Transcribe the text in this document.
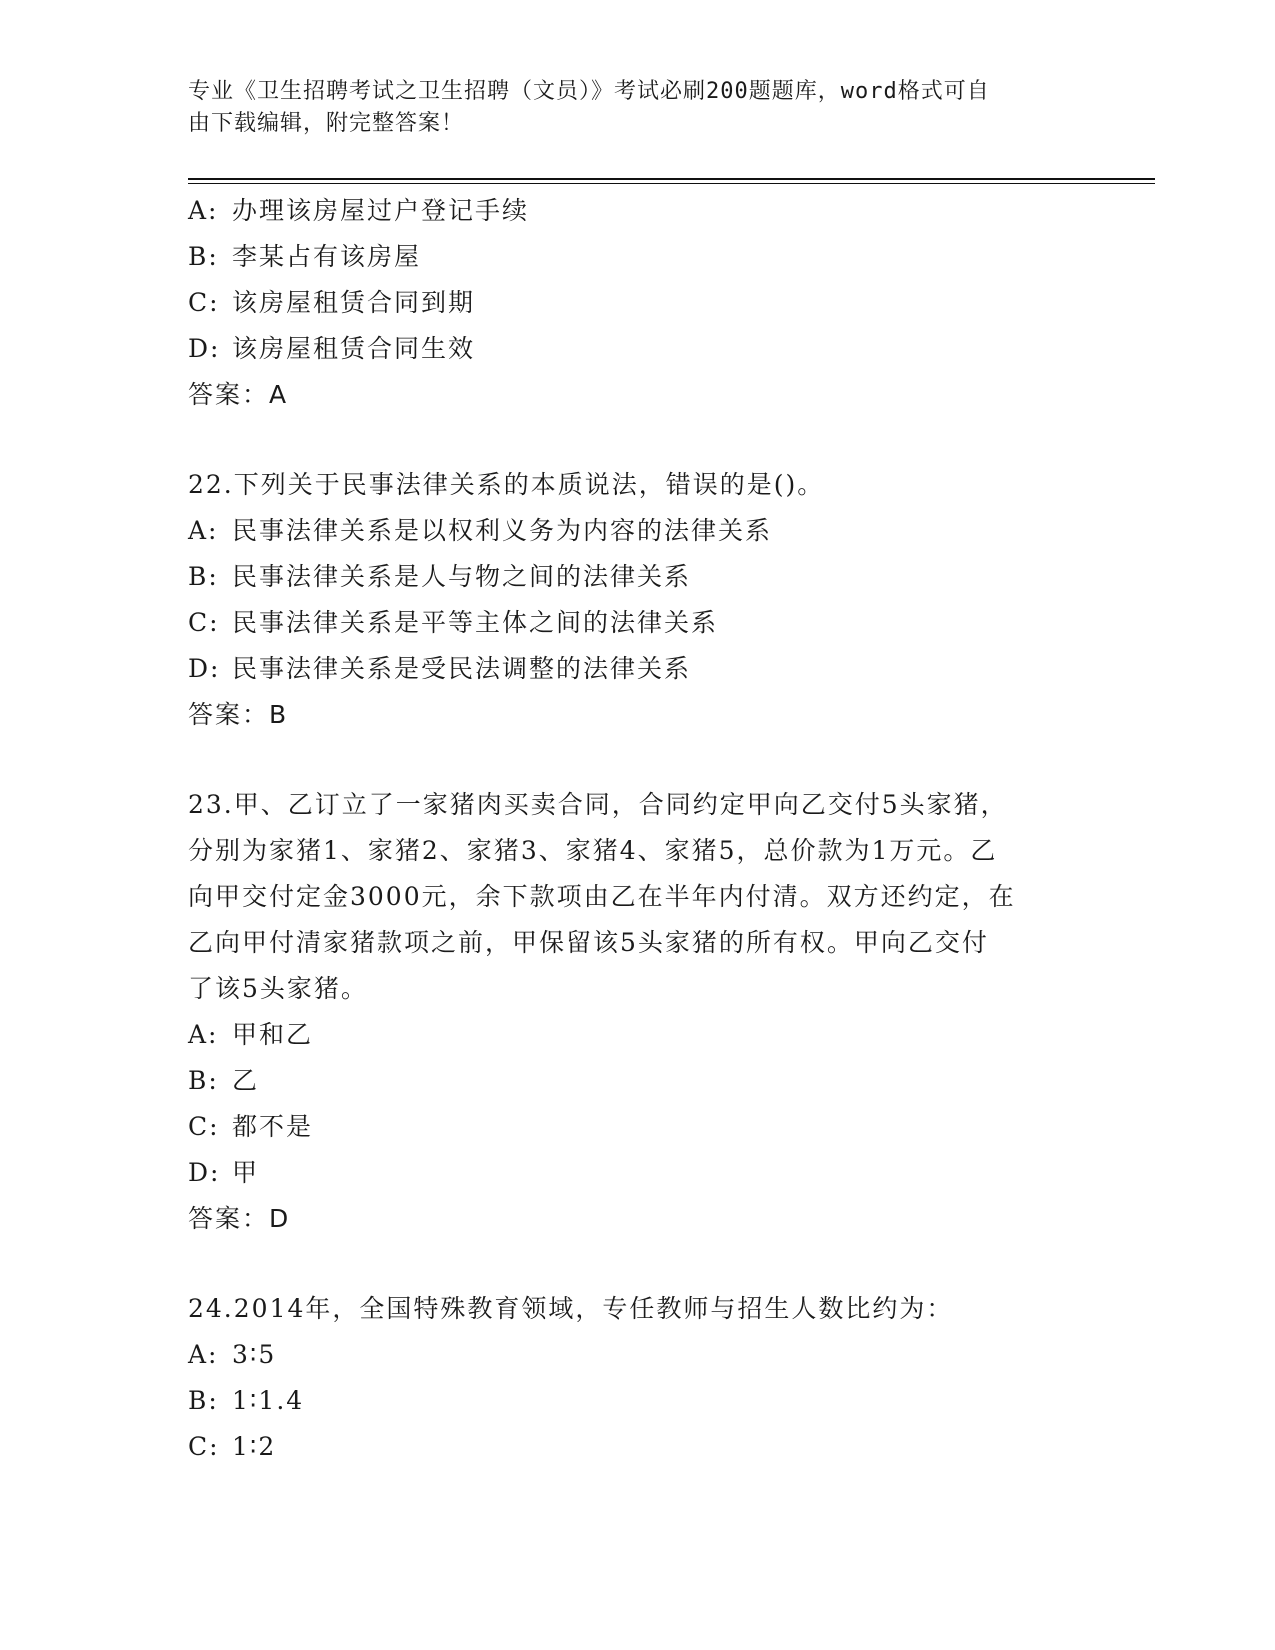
专业《卫生招聘考试之卫生招聘（文员）》考试必刷200题题库，word格式可自
由下载编辑，附完整答案！
A: 办理该房屋过户登记手续
B: 李某占有该房屋
C: 该房屋租赁合同到期
D: 该房屋租赁合同生效
答案：A
22.下列关于民事法律关系的本质说法，错误的是()。
A: 民事法律关系是以权利义务为内容的法律关系
B: 民事法律关系是人与物之间的法律关系
C: 民事法律关系是平等主体之间的法律关系
D: 民事法律关系是受民法调整的法律关系
答案：B
23.甲、乙订立了一家猪肉买卖合同，合同约定甲向乙交付5头家猪，
分别为家猪1、家猪2、家猪3、家猪4、家猪5，总价款为1万元。乙
向甲交付定金3000元，余下款项由乙在半年内付清。双方还约定，在
乙向甲付清家猪款项之前，甲保留该5头家猪的所有权。甲向乙交付
了该5头家猪。
A: 甲和乙
B: 乙
C: 都不是
D: 甲
答案：D
24.2014年，全国特殊教育领域，专任教师与招生人数比约为：
A: 3∶5
B: 1∶1.4
C: 1∶2
